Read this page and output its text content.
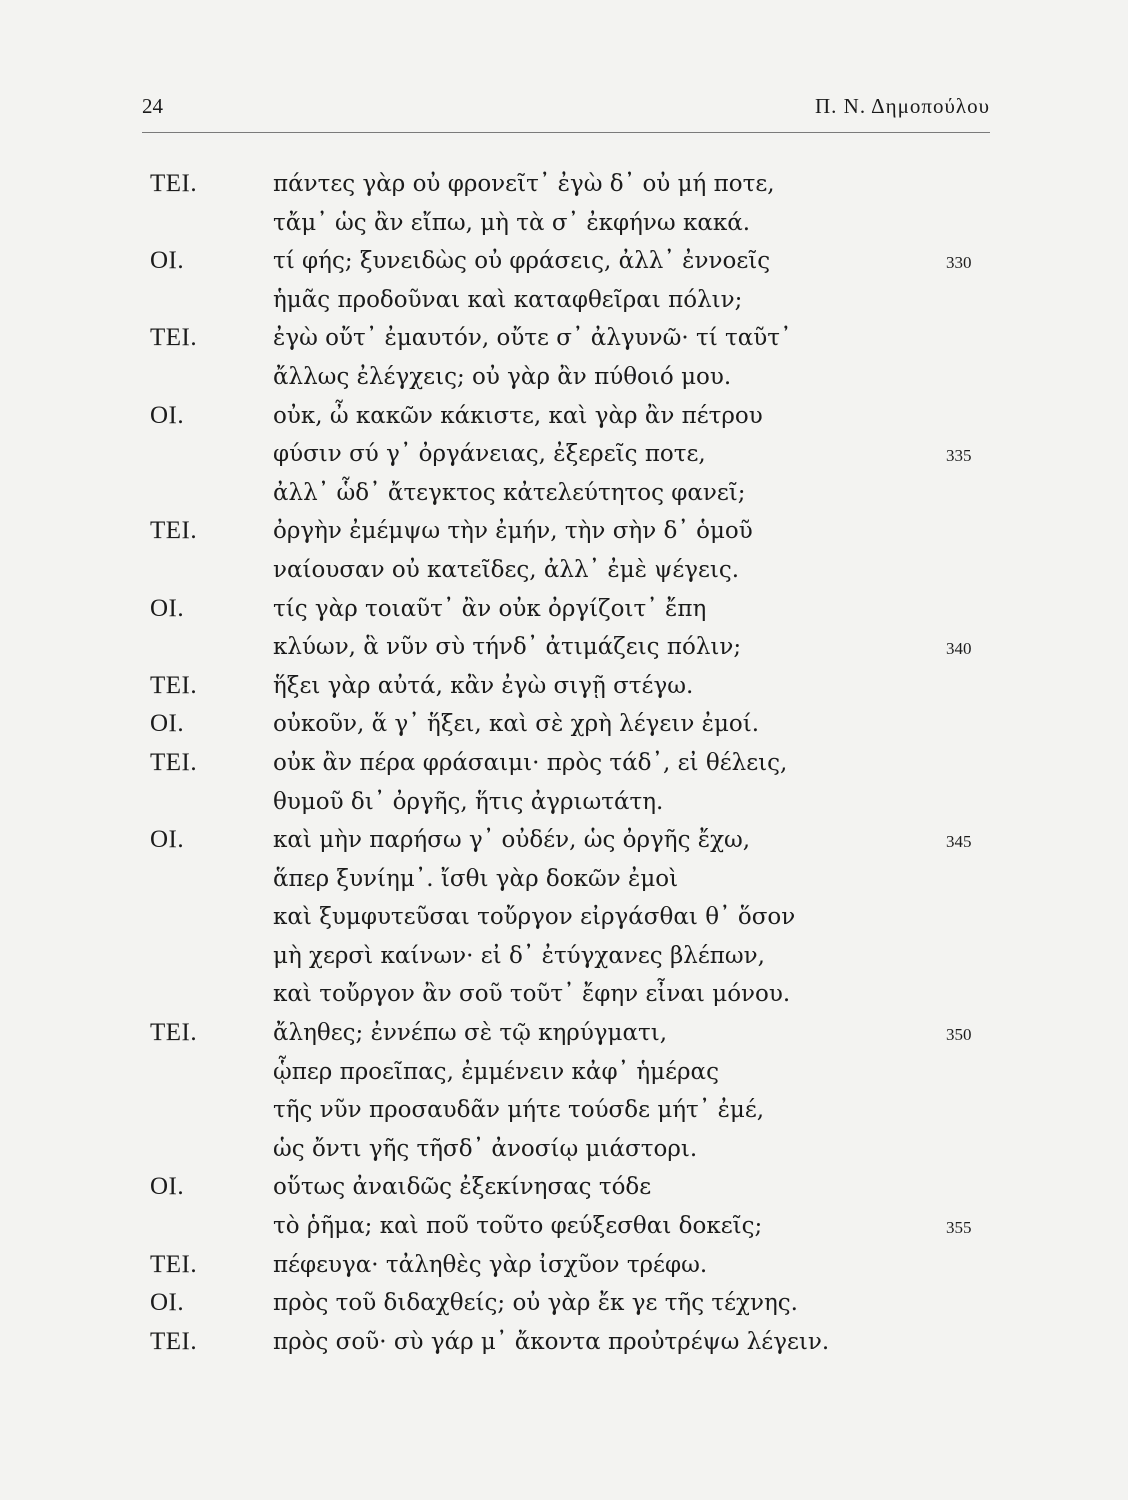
24	Π. Ν. Δημοπούλου
ΤΕΙ.	πάντες γὰρ οὐ φρονεῖτ᾽ ἐγὼ δ᾽ οὐ μή ποτε,
τἄμ᾽ ὡς ἂν εἴπω, μὴ τὰ σ᾽ ἐκφήνω κακά.
ΟΙ.	τί φής; ξυνειδὼς οὐ φράσεις, ἀλλ᾽ ἐννοεῖς	330
ἡμᾶς προδοῦναι καὶ καταφθεῖραι πόλιν;
ΤΕΙ.	ἐγὼ οὔτ᾽ ἐμαυτόν, οὔτε σ᾽ ἀλγυνῶ· τί ταῦτ᾽
ἄλλως ἐλέγχεις; οὐ γὰρ ἂν πύθοιό μου.
ΟΙ.	οὐκ, ὦ κακῶν κάκιστε, καὶ γὰρ ἂν πέτρου
φύσιν σύ γ᾽ ὀργάνειας, ἐξερεῖς ποτε,	335
ἀλλ᾽ ὧδ᾽ ἄτεγκτος κἀτελεύτητος φανεῖ;
ΤΕΙ.	ὀργὴν ἐμέμψω τὴν ἐμήν, τὴν σὴν δ᾽ ὁμοῦ
ναίουσαν οὐ κατεῖδες, ἀλλ᾽ ἐμὲ ψέγεις.
ΟΙ.	τίς γὰρ τοιαῦτ᾽ ἂν οὐκ ὀργίζοιτ᾽ ἔπη
κλύων, ἃ νῦν σὺ τήνδ᾽ ἀτιμάζεις πόλιν;	340
ΤΕΙ.	ἥξει γὰρ αὐτά, κἂν ἐγὼ σιγῇ στέγω.
ΟΙ.	οὐκοῦν, ἅ γ᾽ ἥξει, καὶ σὲ χρὴ λέγειν ἐμοί.
ΤΕΙ.	οὐκ ἂν πέρα φράσαιμι· πρὸς τάδ᾽, εἰ θέλεις,
θυμοῦ δι᾽ ὀργῆς, ἥτις ἀγριωτάτη.
ΟΙ.	καὶ μὴν παρήσω γ᾽ οὐδέν, ὡς ὀργῆς ἔχω,	345
ἅπερ ξυνίημ᾽. ἴσθι γὰρ δοκῶν ἐμοὶ
καὶ ξυμφυτεῦσαι τοὔργον εἰργάσθαι θ᾽ ὅσον
μὴ χερσὶ καίνων· εἰ δ᾽ ἐτύγχανες βλέπων,
καὶ τοὔργον ἂν σοῦ τοῦτ᾽ ἔφην εἶναι μόνου.
ΤΕΙ.	ἄληθες; ἐννέπω σὲ τῷ κηρύγματι,	350
ᾧπερ προεῖπας, ἐμμένειν κἀφ᾽ ἡμέρας
τῆς νῦν προσαυδᾶν μήτε τούσδε μήτ᾽ ἐμέ,
ὡς ὄντι γῆς τῆσδ᾽ ἀνοσίῳ μιάστορι.
ΟΙ.	οὕτως ἀναιδῶς ἐξεκίνησας τόδε
τὸ ῥῆμα; καὶ ποῦ τοῦτο φεύξεσθαι δοκεῖς;	355
ΤΕΙ.	πέφευγα· τἀληθὲς γὰρ ἰσχῦον τρέφω.
ΟΙ.	πρὸς τοῦ διδαχθείς; οὐ γὰρ ἔκ γε τῆς τέχνης.
ΤΕΙ.	πρὸς σοῦ· σὺ γάρ μ᾽ ἄκοντα προὐτρέψω λέγειν.
